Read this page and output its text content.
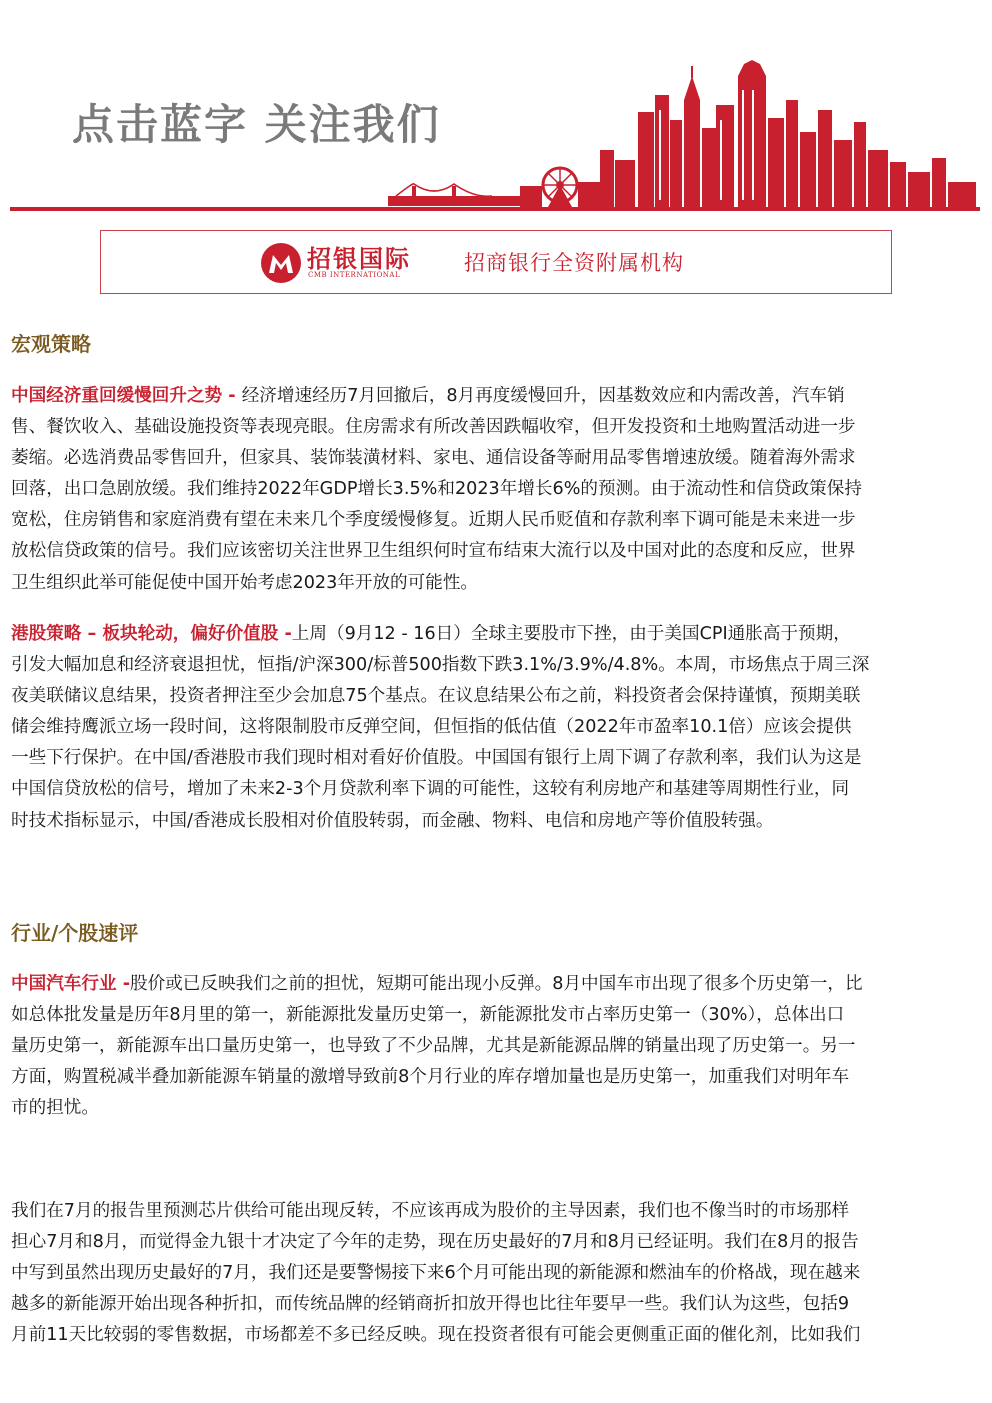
点击蓝字 关注我们
招银国际
CMB INTERNATIONAL	招商银行全资附属机构
宏观策略

中国经济重回缓慢回升之势 - 经济增速经历7月回撤后，8月再度缓慢回升，因基数效应和内需改善，汽车销
售、餐饮收入、基础设施投资等表现亮眼。住房需求有所改善因跌幅收窄，但开发投资和土地购置活动进一步
萎缩。必选消费品零售回升，但家具、装饰装潢材料、家电、通信设备等耐用品零售增速放缓。随着海外需求
回落，出口急剧放缓。我们维持2022年GDP增长3.5%和2023年增长6%的预测。由于流动性和信贷政策保持
宽松，住房销售和家庭消费有望在未来几个季度缓慢修复。近期人民币贬值和存款利率下调可能是未来进一步
放松信贷政策的信号。我们应该密切关注世界卫生组织何时宣布结束大流行以及中国对此的态度和反应，世界
卫生组织此举可能促使中国开始考虑2023年开放的可能性。

港股策略 – 板块轮动，偏好价值股 -上周（9月12 - 16日）全球主要股市下挫，由于美国CPI通胀高于预期，
引发大幅加息和经济衰退担忧，恒指/沪深300/标普500指数下跌3.1%/3.9%/4.8%。本周，市场焦点于周三深
夜美联储议息结果，投资者押注至少会加息75个基点。在议息结果公布之前，料投资者会保持谨慎，预期美联
储会维持鹰派立场一段时间，这将限制股市反弹空间，但恒指的低估值（2022年市盈率10.1倍）应该会提供
一些下行保护。在中国/香港股市我们现时相对看好价值股。中国国有银行上周下调了存款利率，我们认为这是
中国信贷放松的信号，增加了未来2-3个月贷款利率下调的可能性，这较有利房地产和基建等周期性行业，同
时技术指标显示，中国/香港成长股相对价值股转弱，而金融、物料、电信和房地产等价值股转强。

行业/个股速评

中国汽车行业 -股价或已反映我们之前的担忧，短期可能出现小反弹。8月中国车市出现了很多个历史第一，比
如总体批发量是历年8月里的第一，新能源批发量历史第一，新能源批发市占率历史第一（30%），总体出口
量历史第一，新能源车出口量历史第一，也导致了不少品牌，尤其是新能源品牌的销量出现了历史第一。另一
方面，购置税减半叠加新能源车销量的激增导致前8个月行业的库存增加量也是历史第一，加重我们对明年车
市的担忧。

我们在7月的报告里预测芯片供给可能出现反转，不应该再成为股价的主导因素，我们也不像当时的市场那样
担心7月和8月，而觉得金九银十才决定了今年的走势，现在历史最好的7月和8月已经证明。我们在8月的报告
中写到虽然出现历史最好的7月，我们还是要警惕接下来6个月可能出现的新能源和燃油车的价格战，现在越来
越多的新能源开始出现各种折扣，而传统品牌的经销商折扣放开得也比往年要早一些。我们认为这些，包括9
月前11天比较弱的零售数据，市场都差不多已经反映。现在投资者很有可能会更侧重正面的催化剂，比如我们
